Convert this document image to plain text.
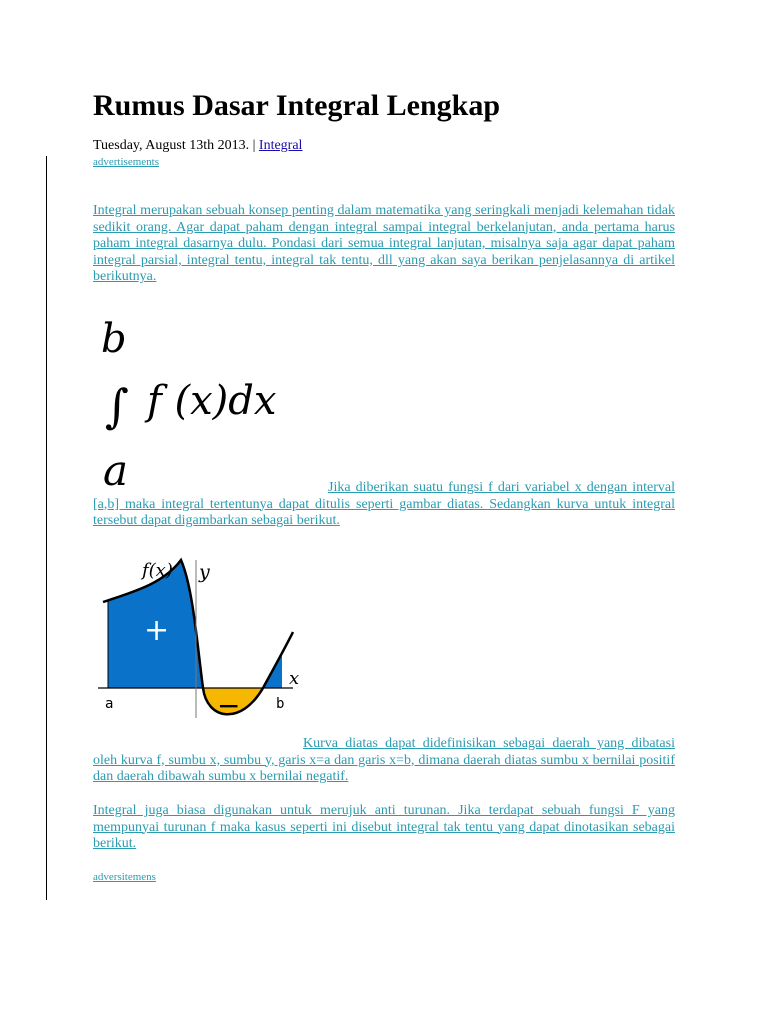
Rumus Dasar Integral Lengkap
Tuesday, August 13th 2013. | Integral
advertisements

Integral merupakan sebuah konsep penting dalam matematika yang seringkali menjadi kelemahan tidak sedikit orang. Agar dapat paham dengan integral sampai integral berkelanjutan, anda pertama harus paham integral dasarnya dulu. Pondasi dari semua integral lanjutan, misalnya saja agar dapat paham integral parsial, integral tentu, integral tak tentu, dll yang akan saya berikan penjelasannya di artikel berikutnya.

b
∫ f (x)dx
a	Jika diberikan suatu fungsi f dari variabel x dengan interval [a,b] maka integral tertentunya dapat ditulis seperti gambar diatas. Sedangkan kurva untuk integral tersebut dapat digambarkan sebagai berikut.

f(x) y
x
a	b
+
−

Kurva diatas dapat didefinisikan sebagai daerah yang dibatasi oleh kurva f, sumbu x, sumbu y, garis x=a dan garis x=b, dimana daerah diatas sumbu x bernilai positif dan daerah dibawah sumbu x bernilai negatif.

Integral juga biasa digunakan untuk merujuk anti turunan. Jika terdapat sebuah fungsi F yang mempunyai turunan f maka kasus seperti ini disebut integral tak tentu yang dapat dinotasikan sebagai berikut.

adversitemens
